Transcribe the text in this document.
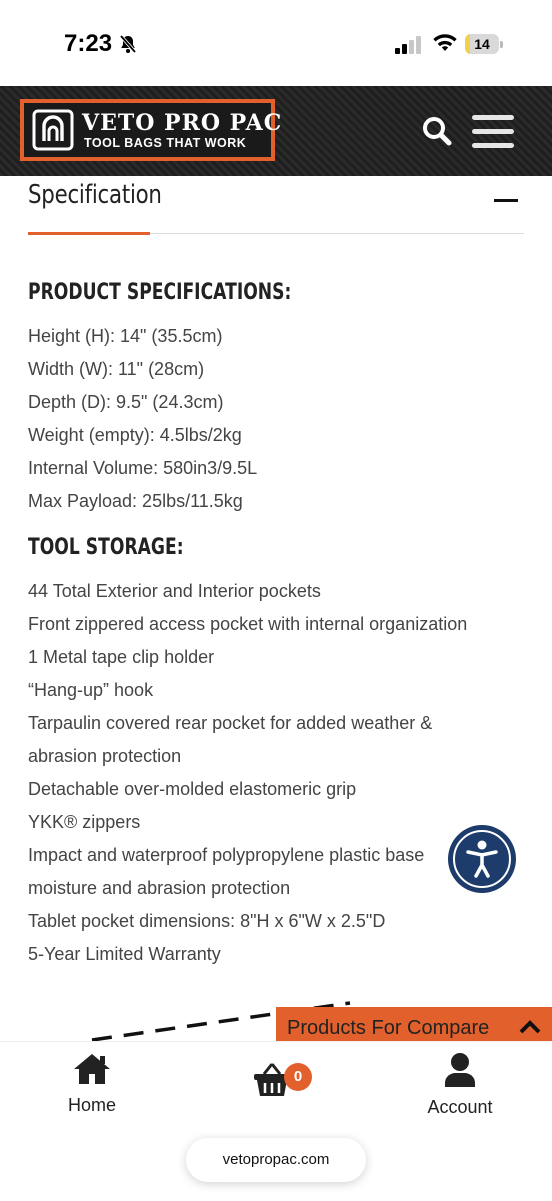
7:23	14
VETO PRO PAC
TOOL BAGS THAT WORK
Specification
PRODUCT SPECIFICATIONS:
Height (H): 14" (35.5cm)
Width (W): 11" (28cm)
Depth (D): 9.5" (24.3cm)
Weight (empty): 4.5lbs/2kg
Internal Volume: 580in3/9.5L
Max Payload: 25lbs/11.5kg
TOOL STORAGE:
44 Total Exterior and Interior pockets
Front zippered access pocket with internal organization
1 Metal tape clip holder
“Hang-up” hook
Tarpaulin covered rear pocket for added weather &
abrasion protection
Detachable over-molded elastomeric grip
YKK® zippers
Impact and waterproof polypropylene plastic base
moisture and abrasion protection
Tablet pocket dimensions: 8"H x 6"W x 2.5"D
5-Year Limited Warranty
Products For Compare
Home
0
Account
vetopropac.com
